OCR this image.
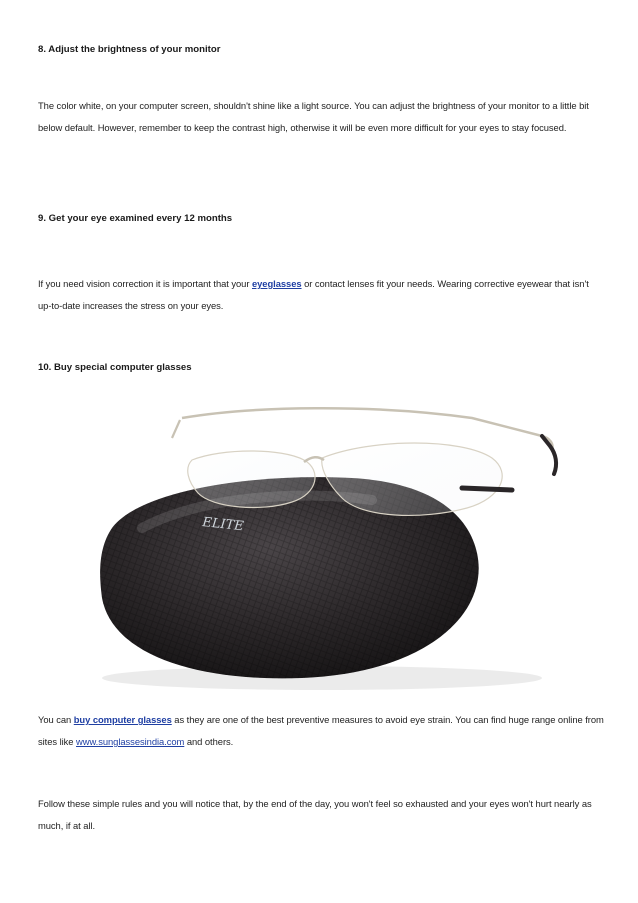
8. Adjust the brightness of your monitor
The color white, on your computer screen, shouldn't shine like a light source. You can adjust the brightness of your monitor to a little bit below default. However, remember to keep the contrast high, otherwise it will be even more difficult for your eyes to stay focused.
9. Get your eye examined every 12 months
If you need vision correction it is important that your eyeglasses or contact lenses fit your needs. Wearing corrective eyewear that isn't up-to-date increases the stress on your eyes.
10. Buy special computer glasses
ELITE
You can buy computer glasses as they are one of the best preventive measures to avoid eye strain. You can find huge range online from sites like www.sunglassesindia.com and others.
Follow these simple rules and you will notice that, by the end of the day, you won't feel so exhausted and your eyes won't hurt nearly as much, if at all.
